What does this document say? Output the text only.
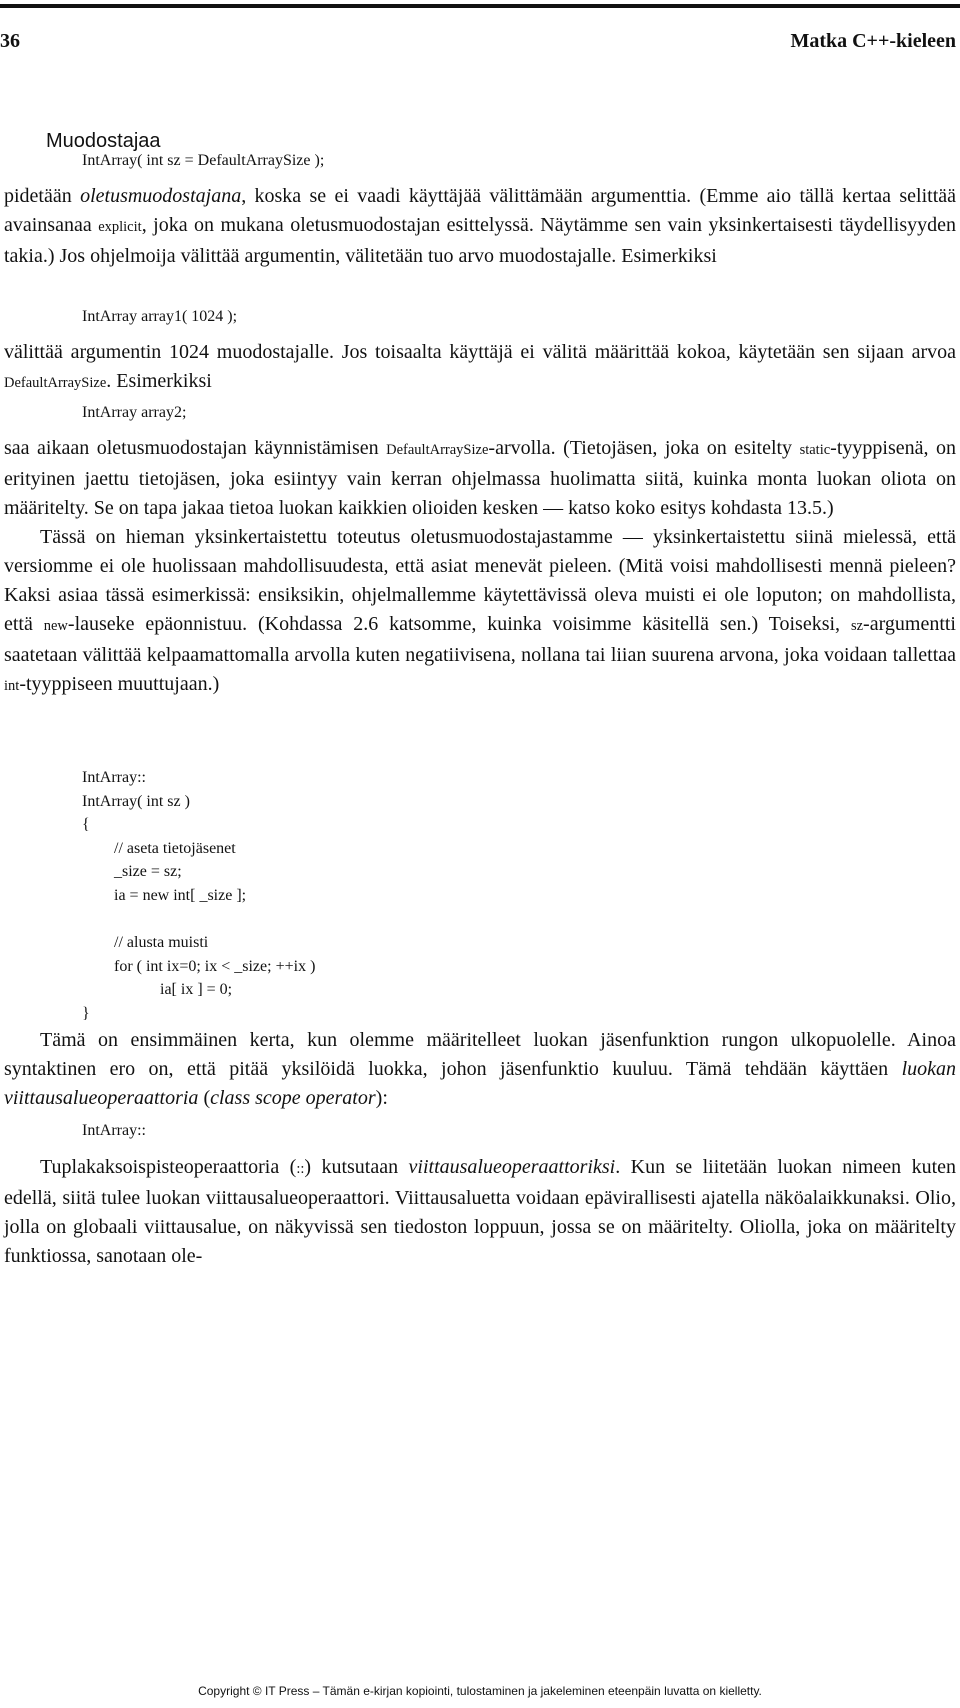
36	Matka C++-kieleen
Muodostajaa
IntArray( int sz = DefaultArraySize );

pidetään oletusmuodostajana, koska se ei vaadi käyttäjää välittämään argumenttia. (Emme aio tällä kertaa selittää avainsanaa explicit, joka on mukana oletusmuodostajan esittelyssä. Näytämme sen vain yksinkertaisesti täydellisyyden takia.) Jos ohjelmoija välittää argumentin, välitetään tuo arvo muodostajalle. Esimerkiksi

IntArray array1( 1024 );

välittää argumentin 1024 muodostajalle. Jos toisaalta käyttäjä ei välitä määrittää kokoa, käytetään sen sijaan arvoa DefaultArraySize. Esimerkiksi

IntArray array2;

saa aikaan oletusmuodostajan käynnistämisen DefaultArraySize-arvolla. (Tietojäsen, joka on esitelty static-tyyppisenä, on erityinen jaettu tietojäsen, joka esiintyy vain kerran ohjelmassa huolimatta siitä, kuinka monta luokan oliota on määritelty. Se on tapa jakaa tietoa luokan kaikkien olioiden kesken — katso koko esitys kohdasta 13.5.)

Tässä on hieman yksinkertaistettu toteutus oletusmuodostajastamme — yksinkertaistettu siinä mielessä, että versiomme ei ole huolissaan mahdollisuudesta, että asiat menevät pieleen. (Mitä voisi mahdollisesti mennä pieleen? Kaksi asiaa tässä esimerkissä: ensiksikin, ohjelmallemme käytettävissä oleva muisti ei ole loputon; on mahdollista, että new-lauseke epäonnistuu. (Kohdassa 2.6 katsomme, kuinka voisimme käsitellä sen.) Toiseksi, sz-argumentti saatetaan välittää kelpaamattomalla arvolla kuten negatiivisena, nollana tai liian suurena arvona, joka voidaan tallettaa int-tyyppiseen muuttujaan.)

IntArray::
IntArray( int sz )
{
// aseta tietojäsenet
_size = sz;
ia = new int[ _size ];
// alusta muisti
for ( int ix=0; ix < _size; ++ix )
ia[ ix ] = 0;
}

Tämä on ensimmäinen kerta, kun olemme määritelleet luokan jäsenfunktion rungon ulkopuolelle. Ainoa syntaktinen ero on, että pitää yksilöidä luokka, johon jäsenfunktio kuuluu. Tämä tehdään käyttäen luokan viittausalueoperaattoria (class scope operator):

IntArray::

Tuplakaksoispisteoperaattoria (::) kutsutaan viittausalueoperaattoriksi. Kun se liitetään luokan nimeen kuten edellä, siitä tulee luokan viittausalueoperaattori. Viittausaluetta voidaan epävirallisesti ajatella näköalaikkunaksi. Olio, jolla on globaali viittausalue, on näkyvissä sen tiedoston loppuun, jossa se on määritelty. Oliolla, joka on määritelty funktiossa, sanotaan ole-

Copyright © IT Press – Tämän e-kirjan kopiointi, tulostaminen ja jakeleminen eteenpäin luvatta on kielletty.
